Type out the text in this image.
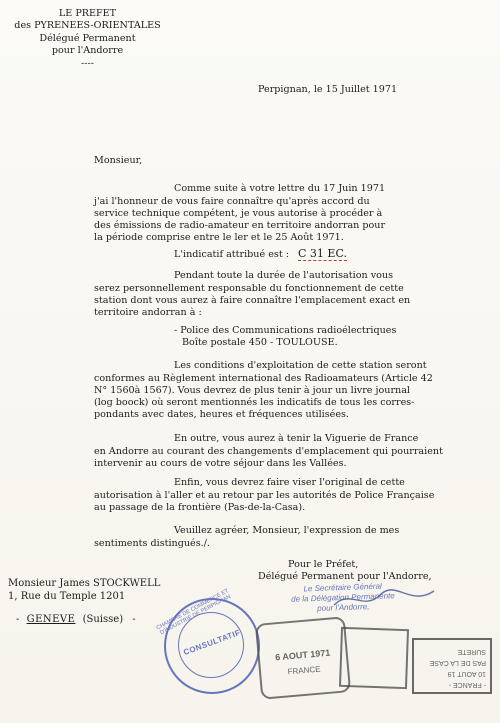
LE PREFET
des PYRENEES-ORIENTALES
Délégué Permanent
pour l'Andorre
----
Perpignan, le 15 Juillet 1971
Monsieur,
Comme suite à votre lettre du 17 Juin 1971
j'ai l'honneur de vous faire connaître qu'après accord du
service technique compétent, je vous autorise à procéder à
des émissions de radio-amateur en territoire andorran pour
la période comprise entre le ler et le 25 Août 1971.
L'indicatif attribué est : C 31 EC.
Pendant toute la durée de l'autorisation vous
serez personnellement responsable du fonctionnement de cette
station dont vous aurez à faire connaître l'emplacement exact en
territoire andorran à :
- Police des Communications radioélectriques
Boîte postale 450 - TOULOUSE.
Les conditions d'exploitation de cette station seront
conformes au Règlement international des Radioamateurs (Article 42
N° 1560à 1567). Vous devrez de plus tenir à jour un livre journal
(log boock) où seront mentionnés les indicatifs de tous les corres-
pondants avec dates, heures et fréquences utilisées.
En outre, vous aurez à tenir la Viguerie de France
en Andorre au courant des changements d'emplacement qui pourraient
intervenir au cours de votre séjour dans les Vallées.
Enfin, vous devrez faire viser l'original de cette
autorisation à l'aller et au retour par les autorités de Police Française
au passage de la frontière (Pas-de-la-Casa).
Veuillez agréer, Monsieur, l'expression de mes
sentiments distingués./.
Pour le Préfet,
Délégué Permanent pour l'Andorre,
Le Secrétaire Général
de la Délégation Permanente
pour l'Andorre,
Monsieur James STOCKWELL
1, Rue du Temple 1201
- GENEVE (Suisse) -	CHAMBRE DE COMMERCE ET D'INDUSTRIE DE PERPIGNAN
CONSULTATIF	6 AOUT 1971
FRANCE
- FRANCE -
10 AOUT 19
PAS DE LA CASE
SURETE
